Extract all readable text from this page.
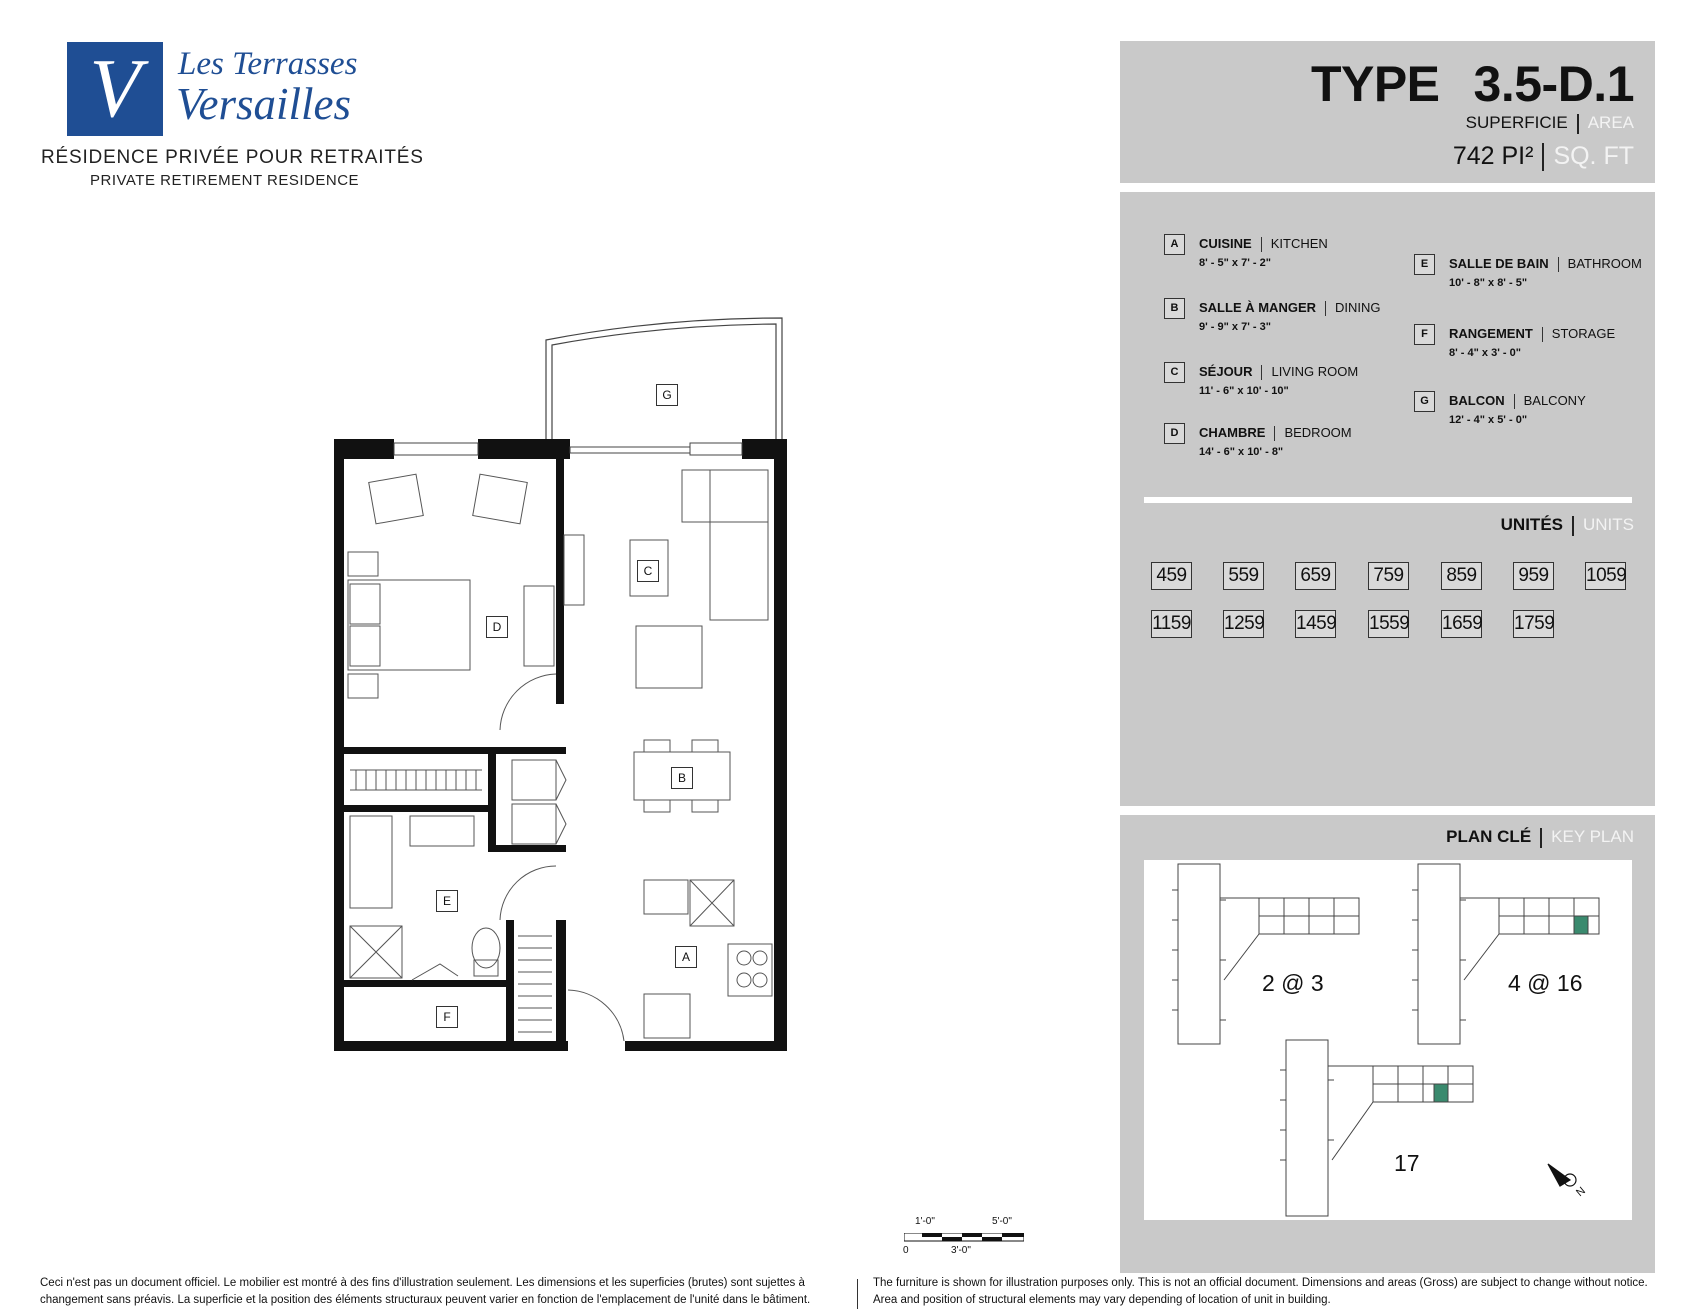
V	Les Terrasses
Versailles
RÉSIDENCE PRIVÉE POUR RETRAITÉS
PRIVATE RETIREMENT RESIDENCE
G
C
D
B
E
A
F
1'-0"	5'-0"
0	3'-0"
TYPE 3.5-D.1
SUPERFICIE AREA
742 PI² SQ. FT
A	CUISINE KITCHEN
8' - 5" x 7' - 2"
B	SALLE À MANGER DINING
9' - 9" x 7' - 3"
C	SÉJOUR LIVING ROOM
11' - 6" x 10' - 10"
D	CHAMBRE BEDROOM
14' - 6" x 10' - 8"
E	SALLE DE BAIN BATHROOM
10' - 8" x 8' - 5"
F	RANGEMENT STORAGE
8' - 4" x 3' - 0"
G	BALCON BALCONY
12' - 4" x 5' - 0"
UNITÉS UNITS
459 559 659 759 859 959 1059
1159 1259 1459 1559 1659 1759
PLAN CLÉ KEY PLAN
2 @ 3	4 @ 16
17
N
Ceci n'est pas un document officiel. Le mobilier est montré à des fins d'illustration seulement. Les dimensions et les superficies (brutes) sont sujettes à changement sans préavis. La superficie et la position des éléments structuraux peuvent varier en fonction de l'emplacement de l'unité dans le bâtiment.
The furniture is shown for illustration purposes only. This is not an official document. Dimensions and areas (Gross) are subject to change without notice. Area and position of structural elements may vary depending of location of unit in building.
